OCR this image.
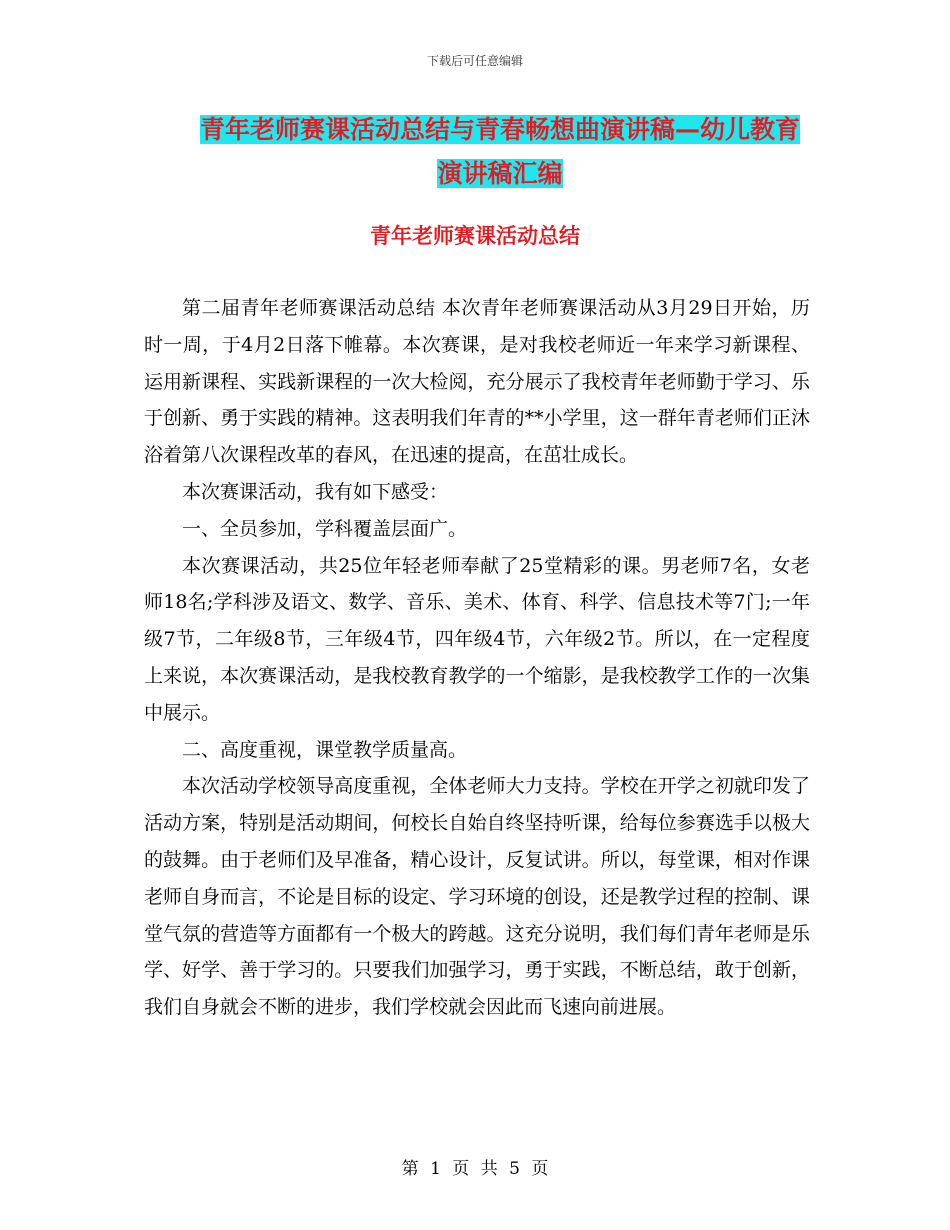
下载后可任意编辑
青年老师赛课活动总结与青春畅想曲演讲稿—幼儿教育演讲稿汇编
青年老师赛课活动总结

第二届青年老师赛课活动总结 本次青年老师赛课活动从3月29日开始，历时一周，于4月2日落下帷幕。本次赛课，是对我校老师近一年来学习新课程、运用新课程、实践新课程的一次大检阅，充分展示了我校青年老师勤于学习、乐于创新、勇于实践的精神。这表明我们年青的**小学里，这一群年青老师们正沐浴着第八次课程改革的春风，在迅速的提高，在茁壮成长。

本次赛课活动，我有如下感受：

一、全员参加，学科覆盖层面广。

本次赛课活动，共25位年轻老师奉献了25堂精彩的课。男老师7名，女老师18名;学科涉及语文、数学、音乐、美术、体育、科学、信息技术等7门;一年级7节，二年级8节，三年级4节，四年级4节，六年级2节。所以，在一定程度上来说，本次赛课活动，是我校教育教学的一个缩影，是我校教学工作的一次集中展示。

二、高度重视，课堂教学质量高。

本次活动学校领导高度重视，全体老师大力支持。学校在开学之初就印发了活动方案，特别是活动期间，何校长自始自终坚持听课，给每位参赛选手以极大的鼓舞。由于老师们及早准备，精心设计，反复试讲。所以，每堂课，相对作课老师自身而言，不论是目标的设定、学习环境的创设，还是教学过程的控制、课堂气氛的营造等方面都有一个极大的跨越。这充分说明，我们每们青年老师是乐学、好学、善于学习的。只要我们加强学习，勇于实践，不断总结，敢于创新，我们自身就会不断的进步，我们学校就会因此而飞速向前进展。

第 1 页 共 5 页
